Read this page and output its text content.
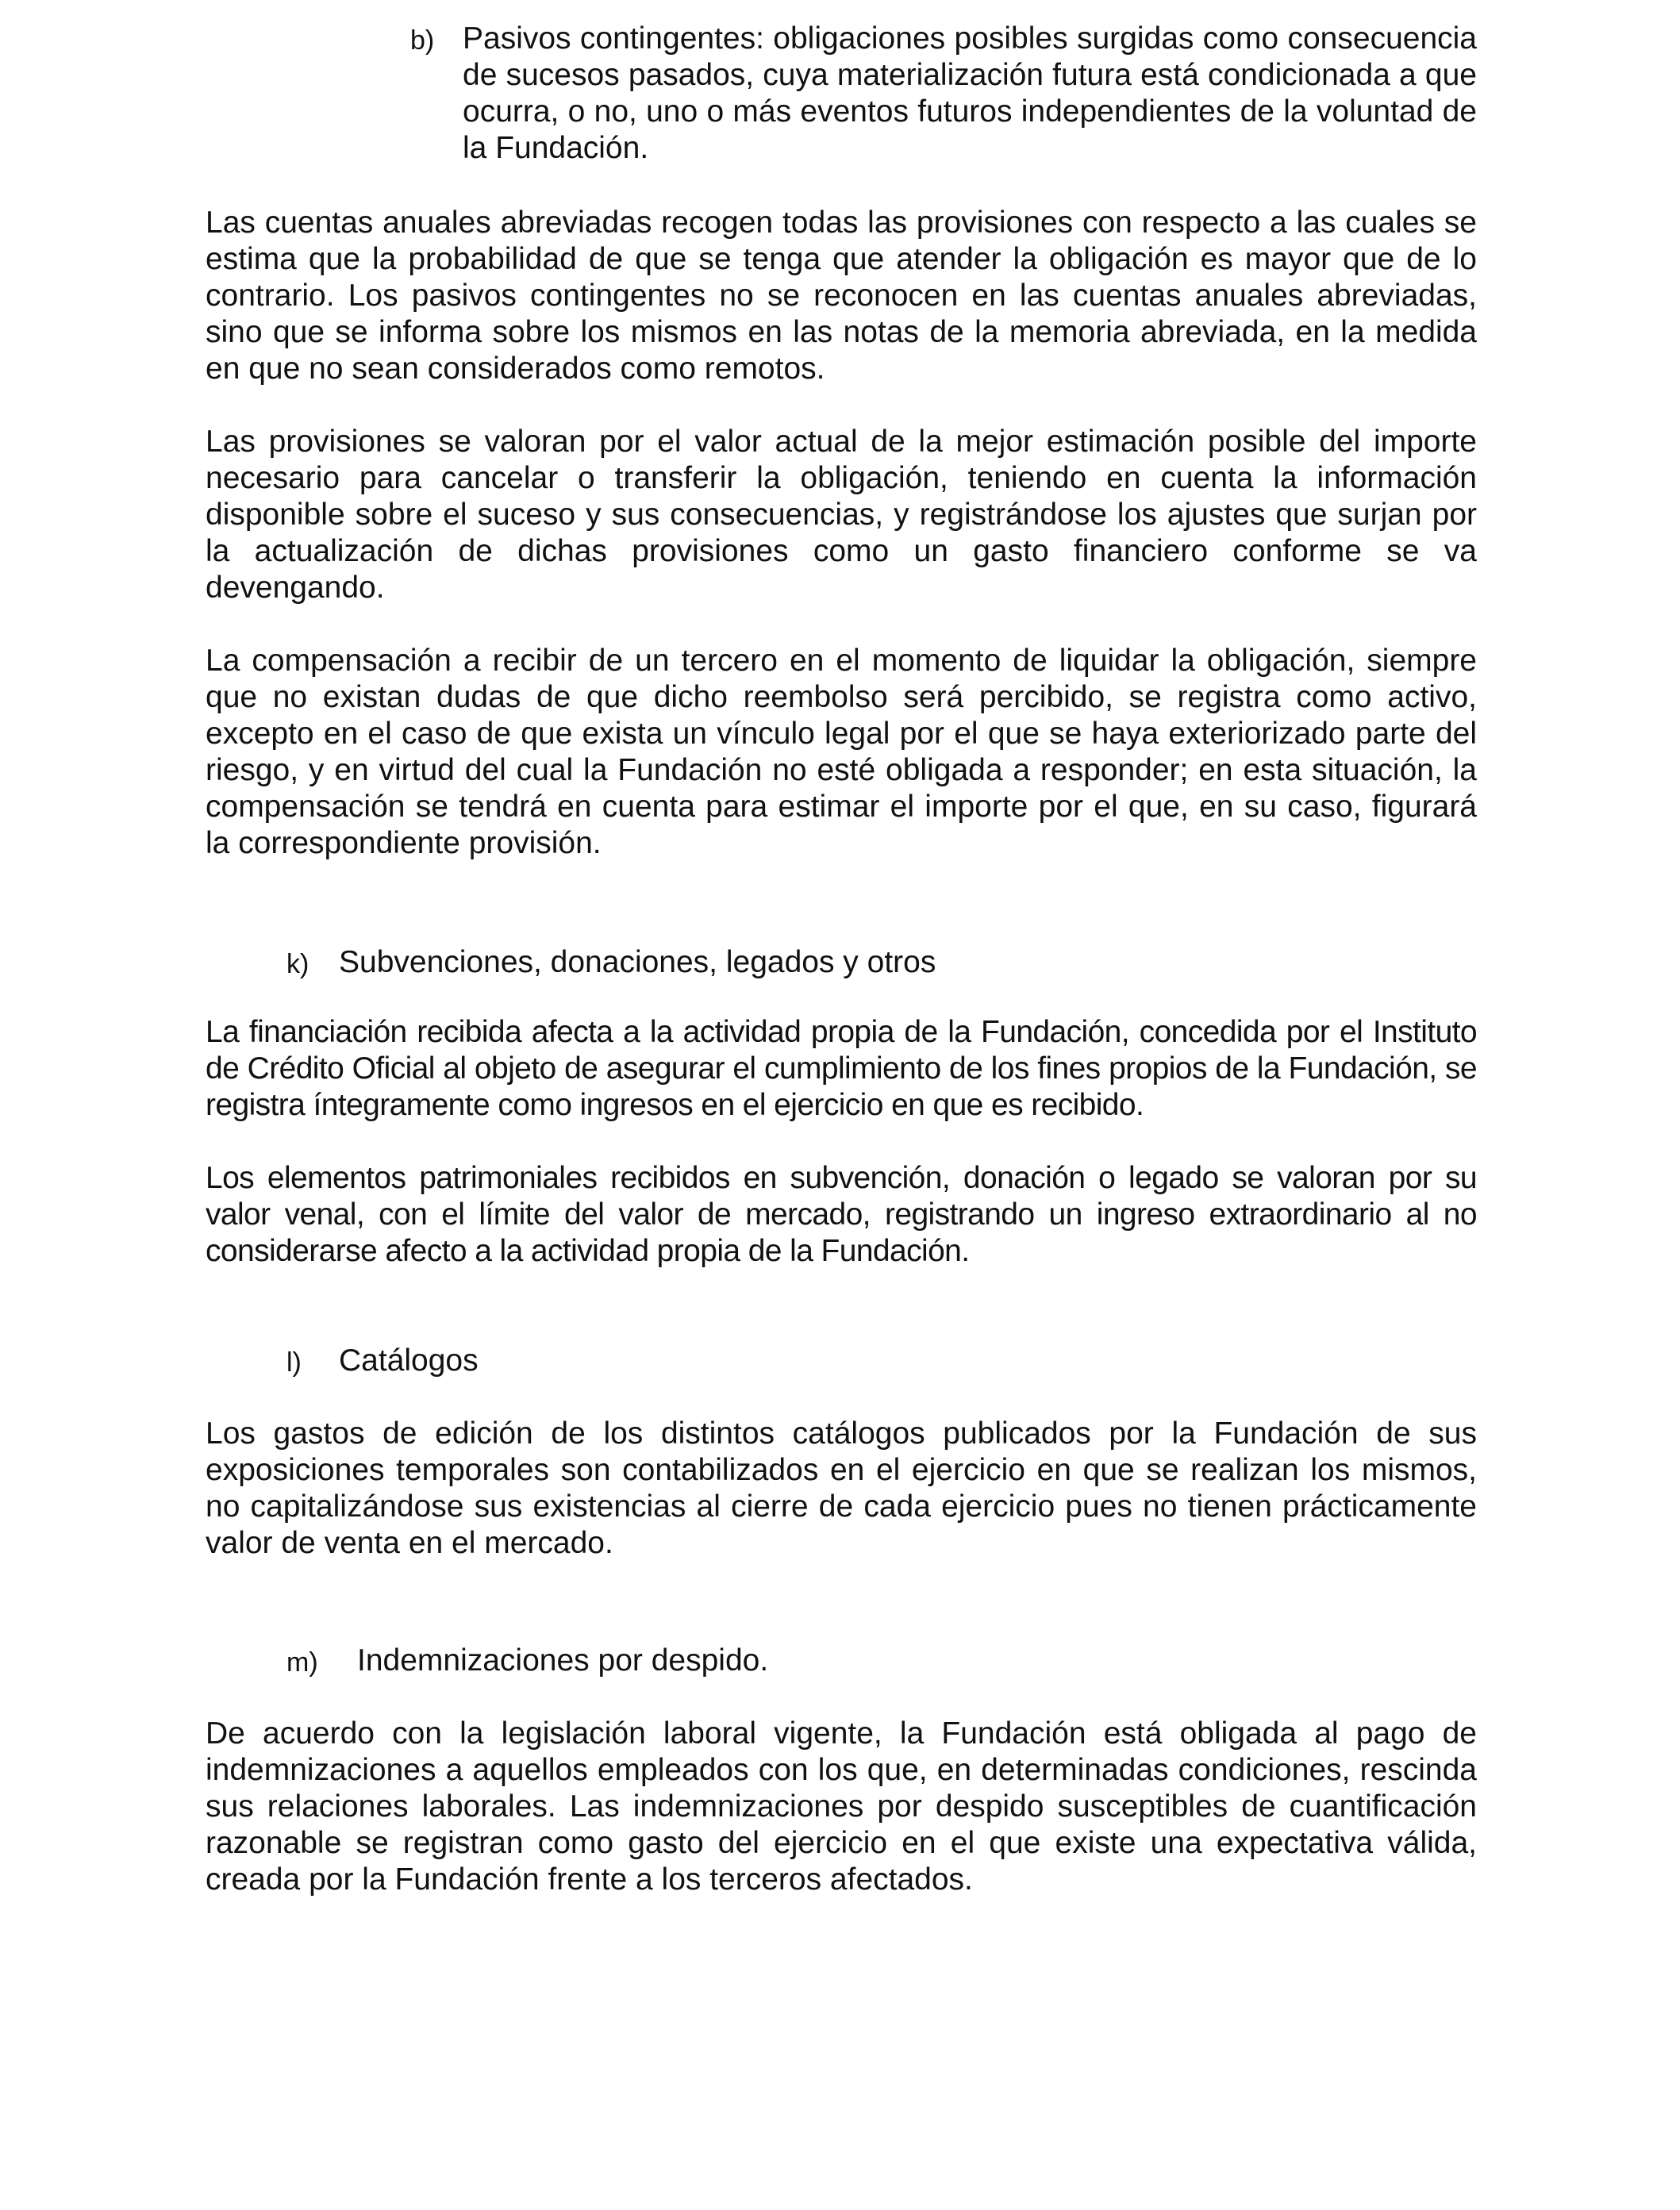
b) Pasivos contingentes: obligaciones posibles surgidas como consecuencia de sucesos pasados, cuya materialización futura está condicionada a que ocurra, o no, uno o más eventos futuros independientes de la voluntad de la Fundación.

Las cuentas anuales abreviadas recogen todas las provisiones con respecto a las cuales se estima que la probabilidad de que se tenga que atender la obligación es mayor que de lo contrario. Los pasivos contingentes no se reconocen en las cuentas anuales abreviadas, sino que se informa sobre los mismos en las notas de la memoria abreviada, en la medida en que no sean considerados como remotos.

Las provisiones se valoran por el valor actual de la mejor estimación posible del importe necesario para cancelar o transferir la obligación, teniendo en cuenta la información disponible sobre el suceso y sus consecuencias, y registrándose los ajustes que surjan por la actualización de dichas provisiones como un gasto financiero conforme se va devengando.

La compensación a recibir de un tercero en el momento de liquidar la obligación, siempre que no existan dudas de que dicho reembolso será percibido, se registra como activo, excepto en el caso de que exista un vínculo legal por el que se haya exteriorizado parte del riesgo, y en virtud del cual la Fundación no esté obligada a responder; en esta situación, la compensación se tendrá en cuenta para estimar el importe por el que, en su caso, figurará la correspondiente provisión.

k) Subvenciones, donaciones, legados y otros

La financiación recibida afecta a la actividad propia de la Fundación, concedida por el Instituto de Crédito Oficial al objeto de asegurar el cumplimiento de los fines propios de la Fundación, se registra íntegramente como ingresos en el ejercicio en que es recibido.

Los elementos patrimoniales recibidos en subvención, donación o legado se valoran por su valor venal, con el límite del valor de mercado, registrando un ingreso extraordinario al no considerarse afecto a la actividad propia de la Fundación.

l) Catálogos

Los gastos de edición de los distintos catálogos publicados por la Fundación de sus exposiciones temporales son contabilizados en el ejercicio en que se realizan los mismos, no capitalizándose sus existencias al cierre de cada ejercicio pues no tienen prácticamente valor de venta en el mercado.

m) Indemnizaciones por despido.

De acuerdo con la legislación laboral vigente, la Fundación está obligada al pago de indemnizaciones a aquellos empleados con los que, en determinadas condiciones, rescinda sus relaciones laborales. Las indemnizaciones por despido susceptibles de cuantificación razonable se registran como gasto del ejercicio en el que existe una expectativa válida, creada por la Fundación frente a los terceros afectados.
